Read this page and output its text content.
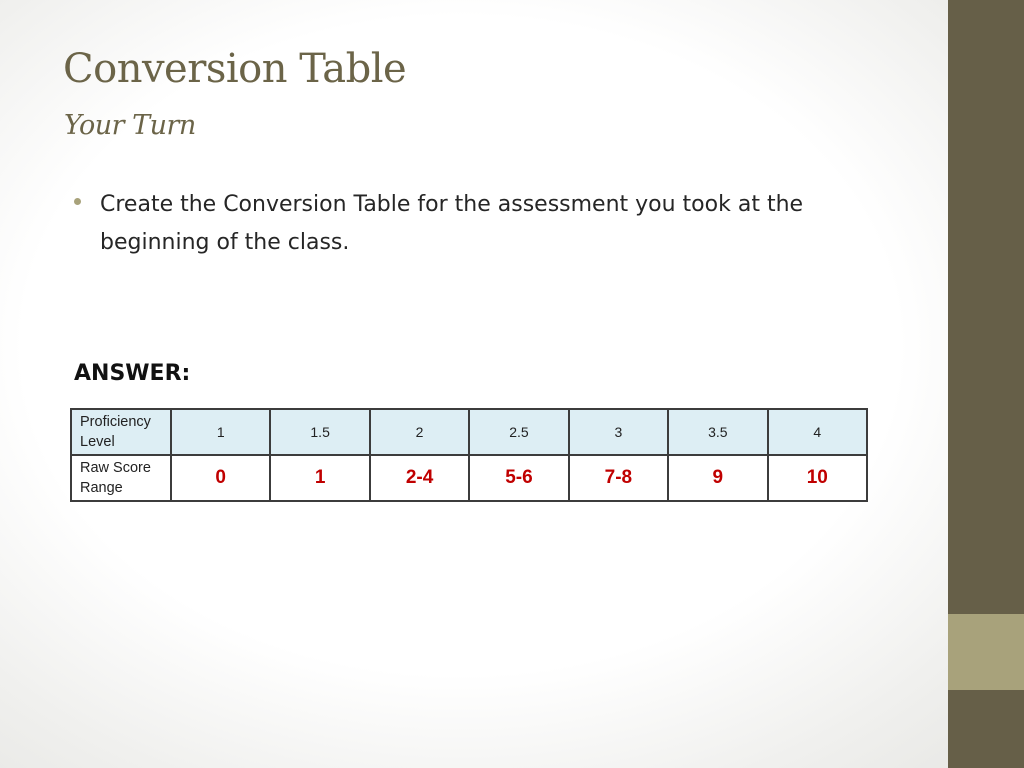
Conversion Table
Your Turn

Create the Conversion Table for the assessment you took at the beginning of the class.

ANSWER:
Proficiency Level	1	1.5	2	2.5	3	3.5	4
Raw Score Range	0	1	2-4	5-6	7-8	9	10
